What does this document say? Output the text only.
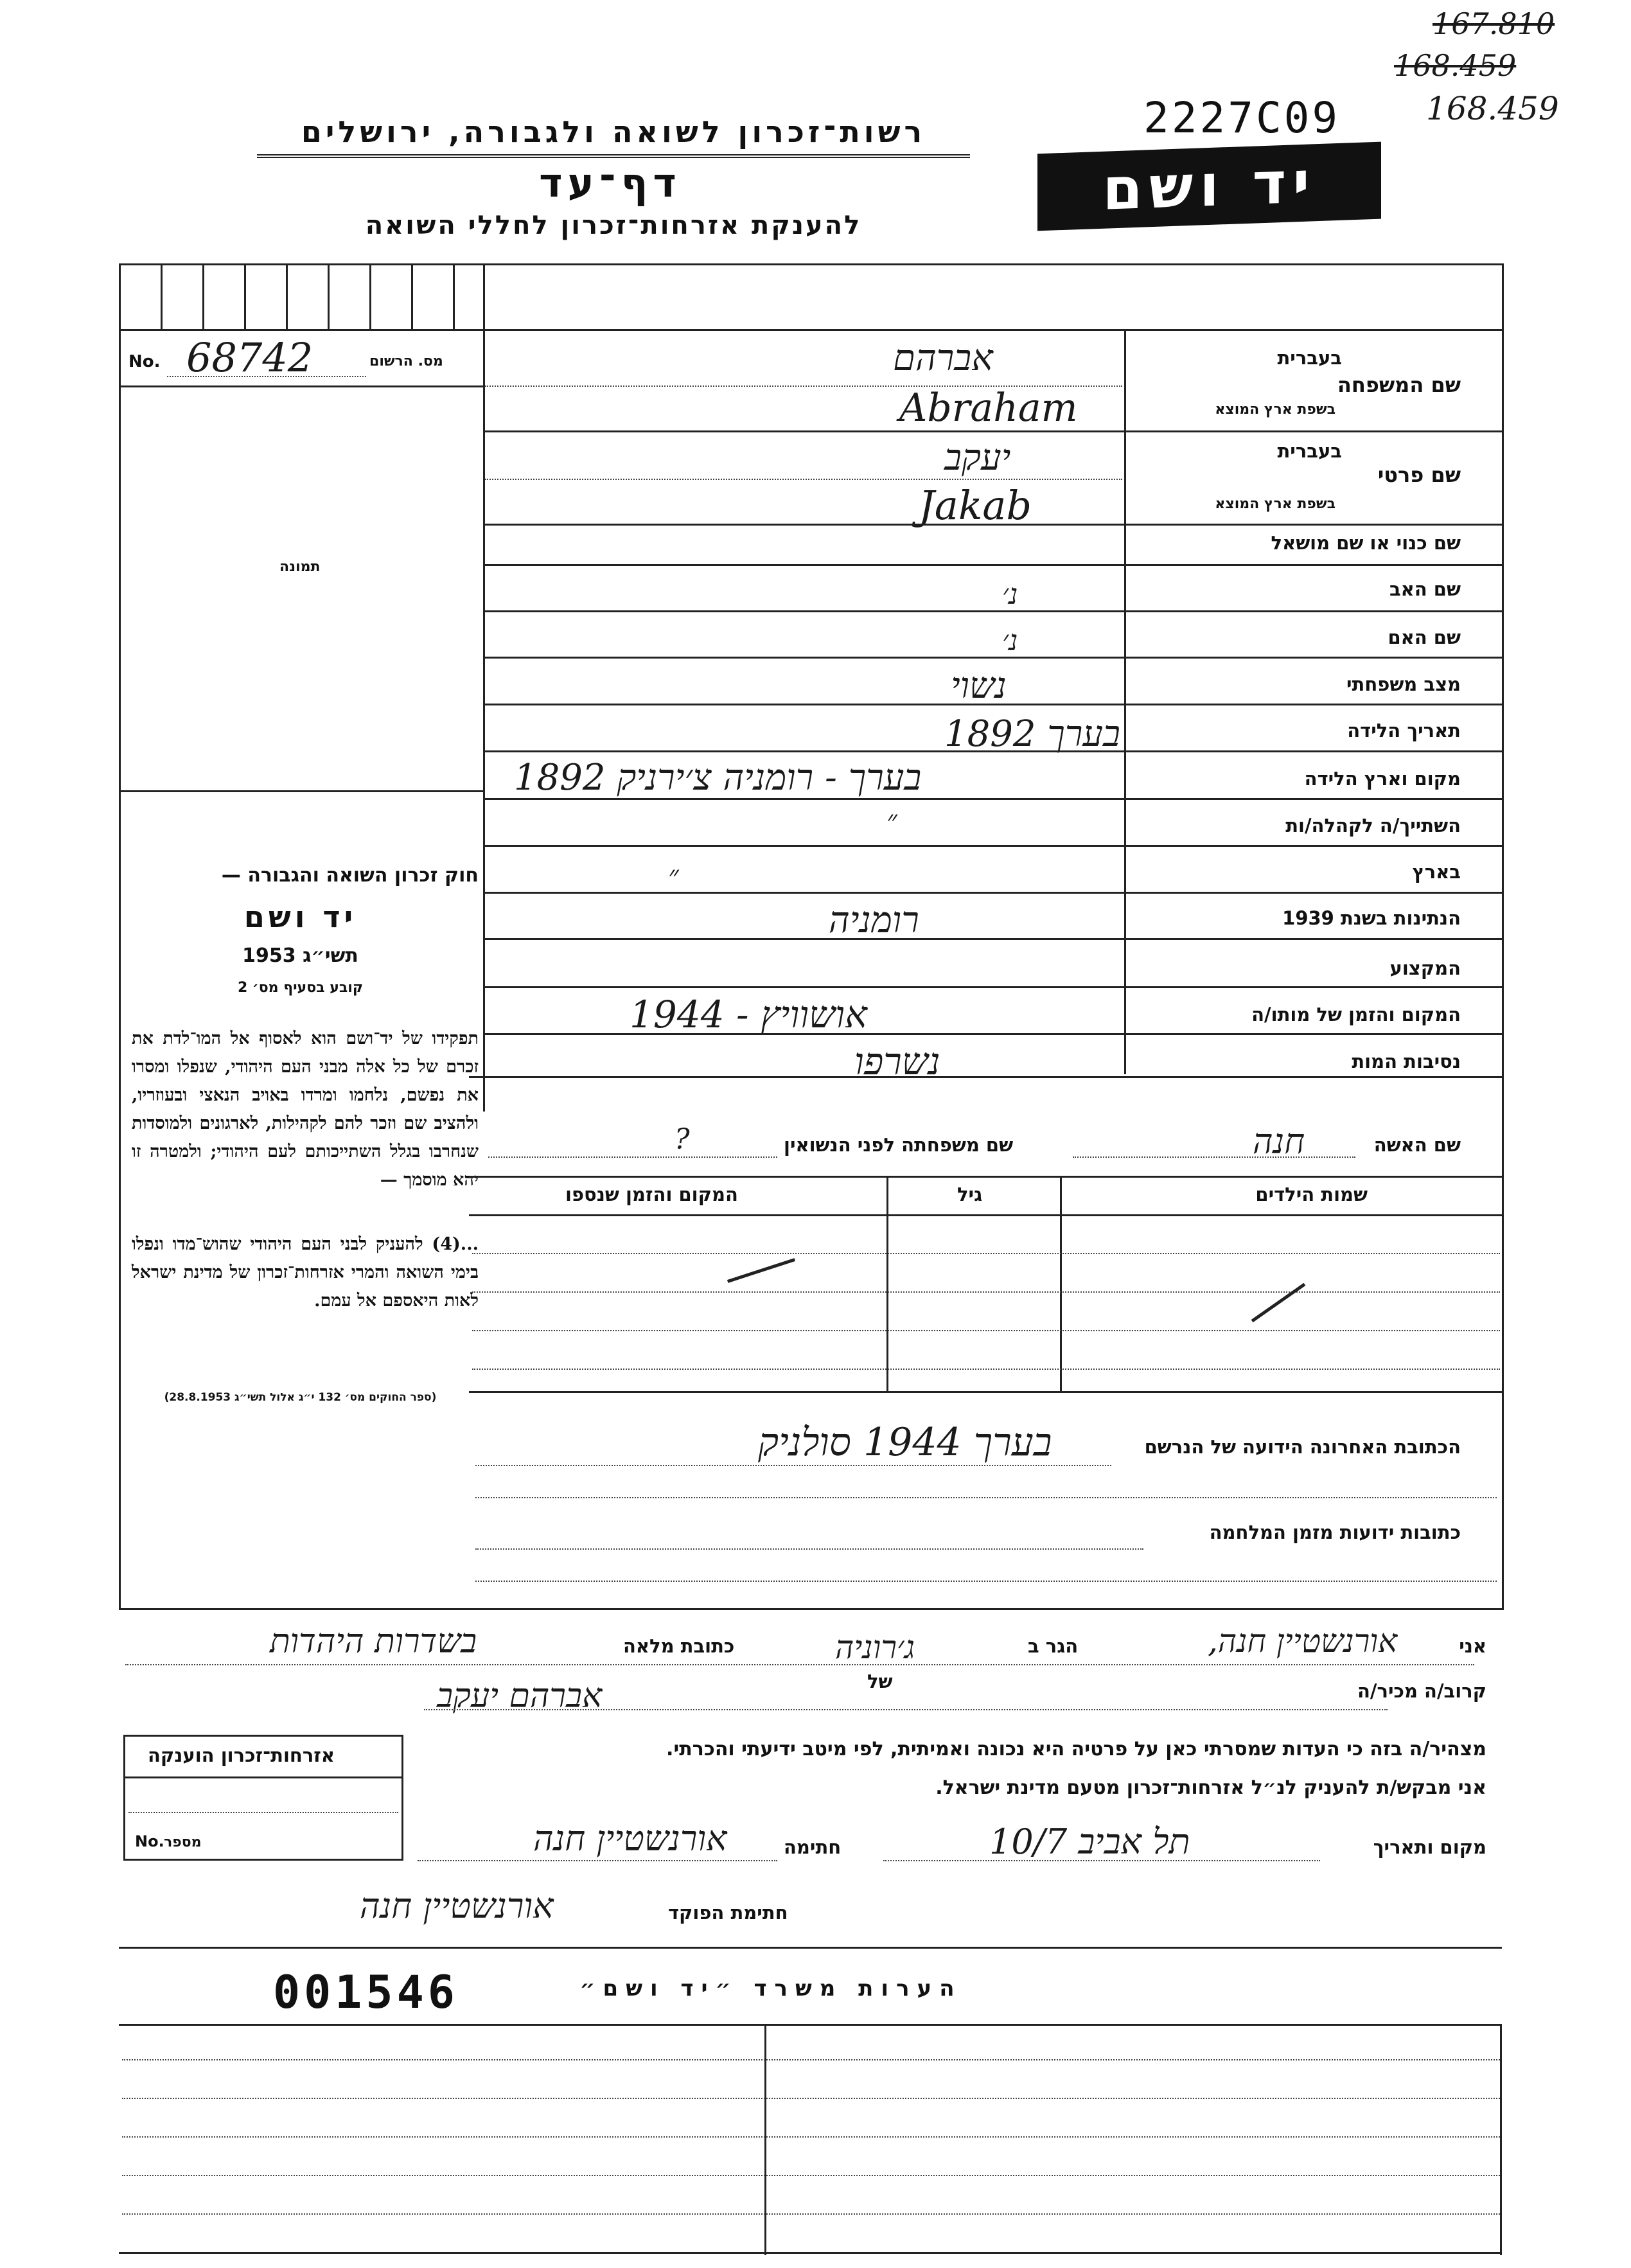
167.810
168.459
168.459
2227C09
רשות־זכרון לשואה ולגבורה, ירושלים
דף־עד
להענקת אזרחות־זכרון לחללי השואה
יד ושם
מס. הרשום
No. 68742
תמונה
חוק זכרון השואה והגבורה —
יד ושם
תשי״ג 1953
קובע בסעיף מס׳ 2
תפקידו של יד־ושם הוא לאסוף אל המו־לדת את זכרם של כל אלה מבני העם היהודי, שנפלו ומסרו את נפשם, נלחמו ומרדו באויב הנאצי ובעוזריו, ולהציב שם וזכר להם לקהילות, לארגונים ולמוסדות שנחרבו בגלל השתייכותם לעם היהודי; ולמטרה זו יהא מוסמך —
...(4) להעניק לבני העם היהודי שהוש־מדו ונפלו בימי השואה והמרי אזרחות־זכרון של מדינת ישראל לאות היאספם אל עמם.
(ספר החוקים מס׳ 132 י״ג אלול תשי״ג 28.8.1953)
שם המשפחה
בעברית
בשפת ארץ המוצא
אברהם
Abraham
שם פרטי
בעברית
בשפת ארץ המוצא
יעקב
Jakab
שם כנוי או שם מושאל
שם האב
נ׳
שם האם
נ׳
מצב משפחתי
נשוי
תאריך הלידה
בערך 1892
מקום וארץ הלידה
בערך - רומניה צ׳ירניק 1892
השתייך/ה לקהלה/ות
״
בארץ
״
הנתינות בשנת 1939
רומניה
המקצוע
המקום והזמן של מותו/ה
אושוויץ - 1944
נסיבות המות
נשרפו
שם האשה
חנה
שם משפחתה לפני הנשואין
?
שמות הילדים
גיל
המקום והזמן שנספו
הכתובת האחרונה הידועה של הנרשם
בערך 1944 סולניק
כתובות ידועות מזמן המלחמה
אני
אורנשטיין חנה,
הגר ב
ג׳רוניה
כתובת מלאה
בשדרות היהדות
קרוב/ה מכיר/ה
של
אברהם יעקב
מצהיר/ה בזה כי העדות שמסרתי כאן על פרטיה היא נכונה ואמיתית, לפי מיטב ידיעתי והכרתי.
אני מבקש/ת להעניק לנ״ל אזרחות־זכרון מטעם מדינת ישראל.
מקום ותאריך
תל אביב 10/7
חתימה
אורנשטיין חנה
חתימת הפוקד
אורנשטיין חנה
אזרחות־זכרון הוענקה
מספר
No.
001546	הערות משרד ״יד ושם״
